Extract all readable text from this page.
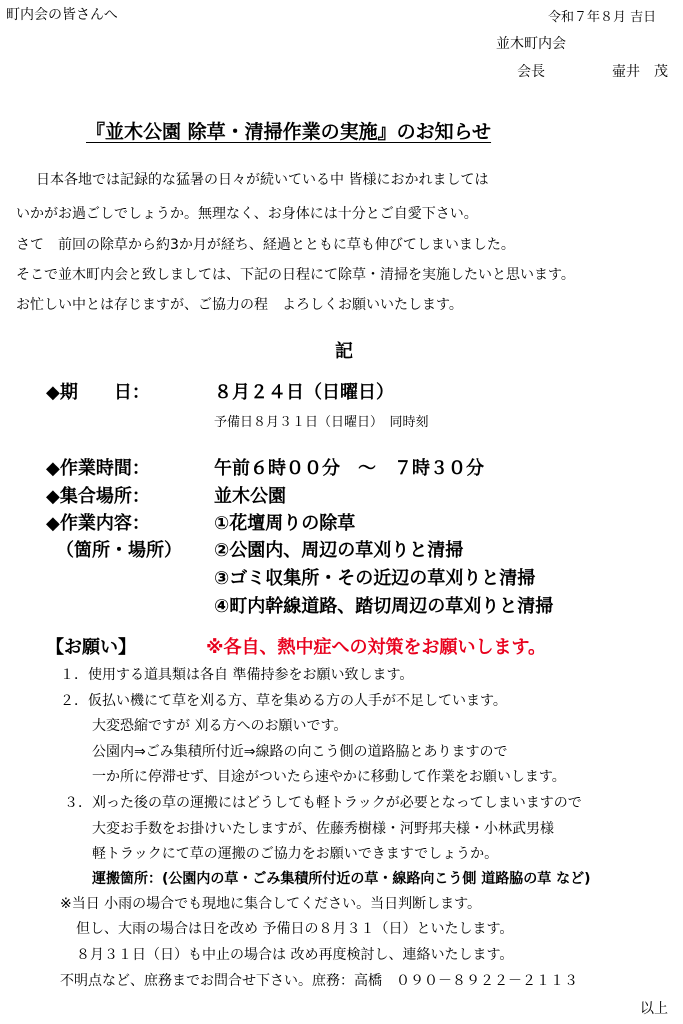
町内会の皆さんへ	令和７年８月 吉日
並木町内会
会長	壷井　茂
『並木公園 除草・清掃作業の実施』のお知らせ
日本各地では記録的な猛暑の日々が続いている中 皆様におかれましては
いかがお過ごしでしょうか。無理なく、お身体には十分とご自愛下さい。
さて　前回の除草から約3か月が経ち、経過とともに草も伸びてしまいました。
そこで並木町内会と致しましては、下記の日程にて除草・清掃を実施したいと思います。
お忙しい中とは存じますが、ご協力の程　よろしくお願いいたします。
記
◆期　　日：	８月２４日（日曜日）
予備日８月３１日（日曜日）　同時刻
◆作業時間：	午前６時００分　～　７時３０分
◆集合場所：	並木公園
◆作業内容：	①花壇周りの除草
（箇所・場所） ②公園内、周辺の草刈りと清掃
③ゴミ収集所・その近辺の草刈りと清掃
④町内幹線道路、踏切周辺の草刈りと清掃
【お願い】	※各自、熱中症への対策をお願いします。
１．使用する道具類は各自 準備持参をお願い致します。
２．仮払い機にて草を刈る方、草を集める方の人手が不足しています。
大変恐縮ですが 刈る方へのお願いです。
公園内⇒ごみ集積所付近⇒線路の向こう側の道路脇とありますので
一か所に停滞せず、目途がついたら速やかに移動して作業をお願いします。
３．刈った後の草の運搬にはどうしても軽トラックが必要となってしまいますので
大変お手数をお掛けいたしますが、佐藤秀樹様・河野邦夫様・小林武男様
軽トラックにて草の運搬のご協力をお願いできますでしょうか。
運搬箇所：(公園内の草・ごみ集積所付近の草・線路向こう側 道路脇の草 など)
※当日 小雨の場合でも現地に集合してください。当日判断します。
但し、大雨の場合は日を改め 予備日の８月３１（日）といたします。
８月３１日（日）も中止の場合は 改め再度検討し、連絡いたします。
不明点など、庶務までお問合せ下さい。庶務：高橋　０９０－８９２２－２１１３
以上
